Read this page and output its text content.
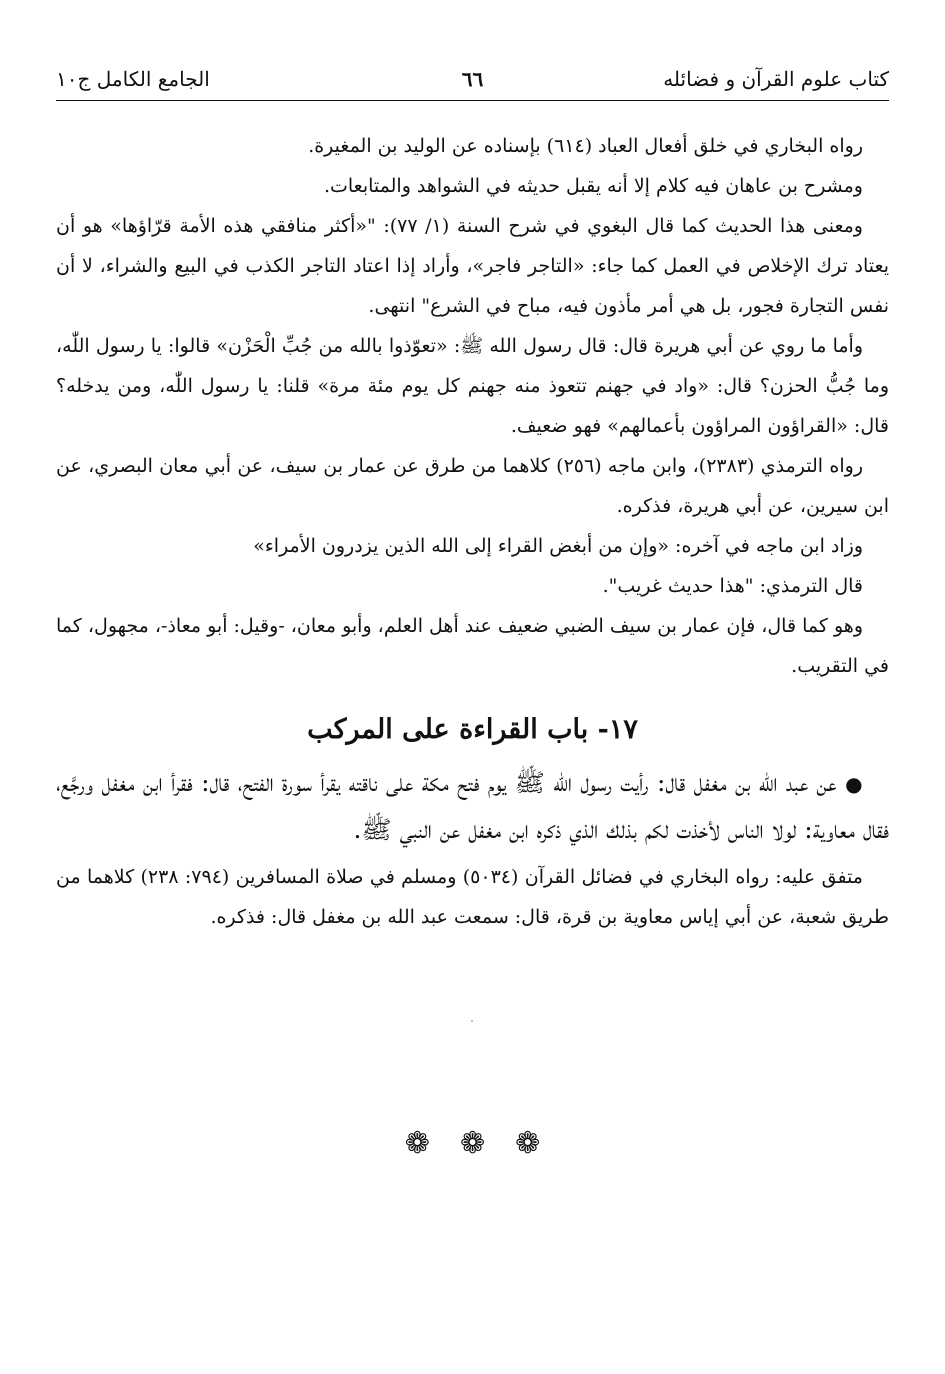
كتاب علوم القرآن و فضائله
٦٦
الجامع الكامل ج١٠

رواه البخاري في خلق أفعال العباد (٦١٤) بإسناده عن الوليد بن المغيرة.

ومشرح بن عاهان فيه كلام إلا أنه يقبل حديثه في الشواهد والمتابعات.

ومعنى هذا الحديث كما قال البغوي في شرح السنة (١/ ٧٧): "«أكثر منافقي هذه الأمة قرّاؤها» هو أن يعتاد ترك الإخلاص في العمل كما جاء: «التاجر فاجر»، وأراد إذا اعتاد التاجر الكذب في البيع والشراء، لا أن نفس التجارة فجور، بل هي أمر مأذون فيه، مباح في الشرع" انتهى.

وأما ما روي عن أبي هريرة قال: قال رسول الله ﷺ: «تعوّذوا بالله من جُبِّ الْحَزْن» قالوا: يا رسول اللّٰه، وما جُبُّ الحزن؟ قال: «واد في جهنم تتعوذ منه جهنم كل يوم مئة مرة» قلنا: يا رسول اللّٰه، ومن يدخله؟ قال: «القراؤون المراؤون بأعمالهم» فهو ضعيف.

رواه الترمذي (٢٣٨٣)، وابن ماجه (٢٥٦) كلاهما من طرق عن عمار بن سيف، عن أبي معان البصري، عن ابن سيرين، عن أبي هريرة، فذكره.

وزاد ابن ماجه في آخره: «وإن من أبغض القراء إلى الله الذين يزدرون الأمراء»

قال الترمذي: "هذا حديث غريب".

وهو كما قال، فإن عمار بن سيف الضبي ضعيف عند أهل العلم، وأبو معان، -وقيل: أبو معاذ-، مجهول، كما في التقريب.

١٧- باب القراءة على المركب

● عن عبد الله بن مغفل قال: رأيت رسول الله ﷺ يوم فتح مكة على ناقته يقرأ سورة الفتح، قال: فقرأ ابن مغفل ورجَّع، فقال معاوية: لولا الناس لأخذت لكم بذلك الذي ذكره ابن مغفل عن النبي ﷺ.

متفق عليه: رواه البخاري في فضائل القرآن (٥٠٣٤) ومسلم في صلاة المسافرين (٧٩٤: ٢٣٨) كلاهما من طريق شعبة، عن أبي إياس معاوية بن قرة، قال: سمعت عبد الله بن مغفل قال: فذكره.

❁
❁
❁
